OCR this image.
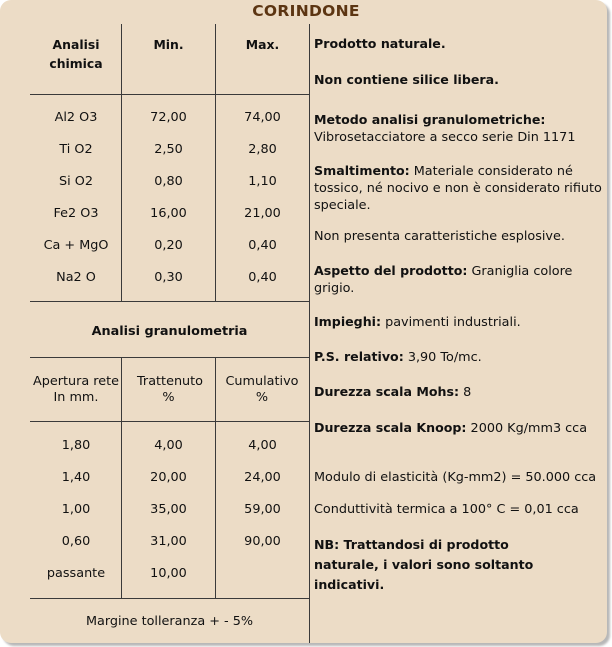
CORINDONE
Analisi chimica
Min.	Max.
Al2 O3	72,00	74,00
Ti O2	2,50	2,80
Si O2	0,80	1,10
Fe2 O3	16,00	21,00
Ca + MgO	0,20	0,40
Na2 O	0,30	0,40
Analisi granulometria
Apertura rete In mm.
Trattenuto %
Cumulativo %
1,80	4,00	4,00
1,40	20,00	24,00
1,00	35,00	59,00
0,60	31,00	90,00
passante	10,00
Margine tolleranza + - 5%
Prodotto naturale.
Non contiene silice libera.
Metodo analisi granulometriche:
Vibrosetacciatore a secco serie Din 1171
Smaltimento: Materiale considerato né tossico, né nocivo e non è considerato rifiuto speciale.
Non presenta caratteristiche esplosive.
Aspetto del prodotto: Graniglia colore grigio.
Impieghi: pavimenti industriali.
P.S. relativo: 3,90 To/mc.
Durezza scala Mohs: 8
Durezza scala Knoop: 2000 Kg/mm3 cca
Modulo di elasticità (Kg-mm2) = 50.000 cca
Conduttività termica a 100° C = 0,01 cca
NB: Trattandosi di prodotto naturale, i valori sono soltanto indicativi.
